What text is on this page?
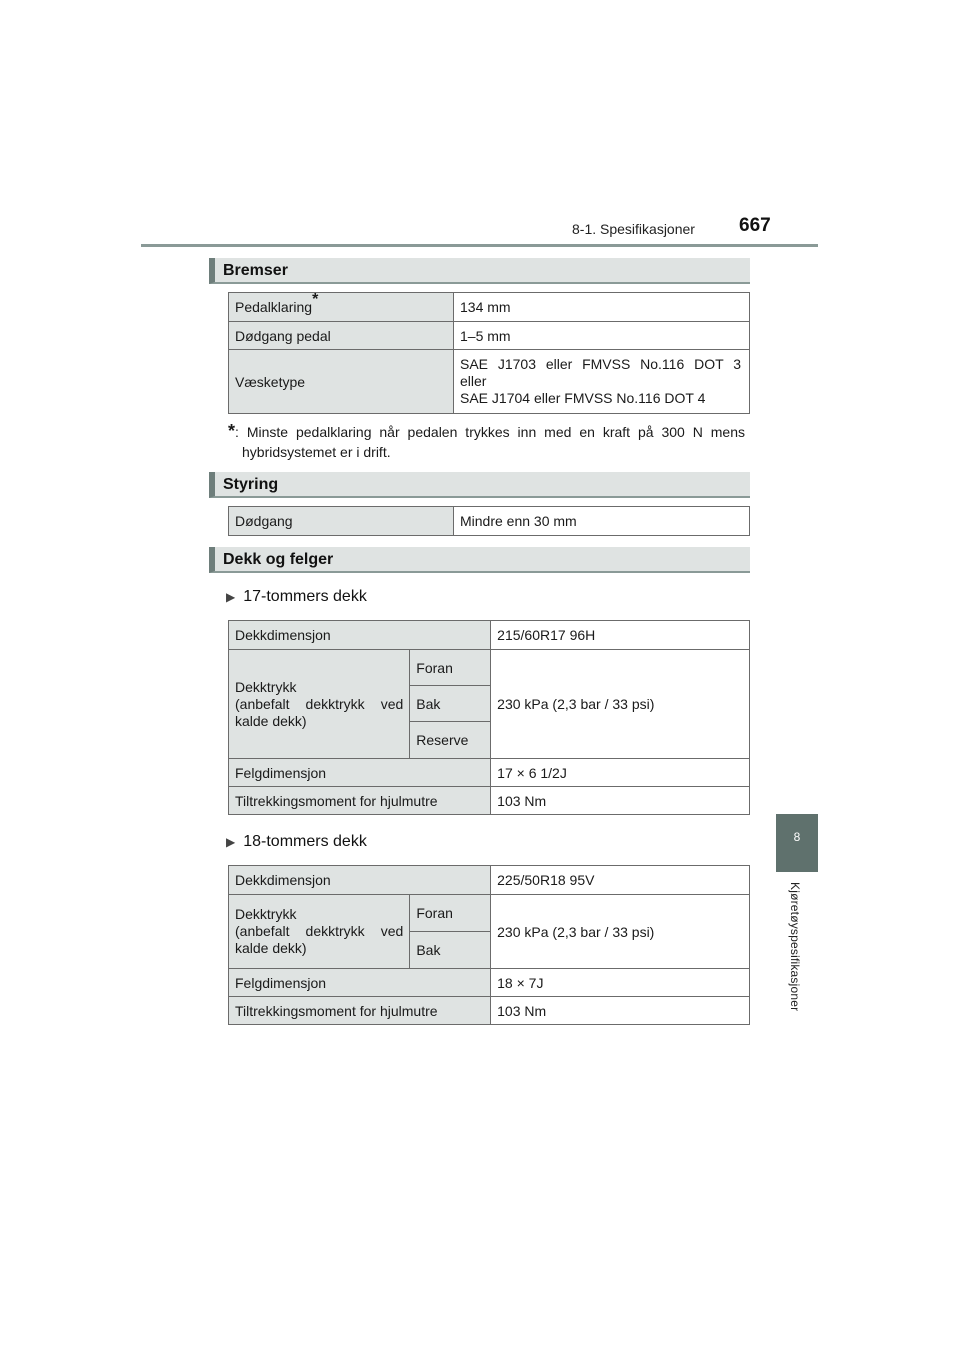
8-1. Spesifikasjoner 667
8
Kjøretøyspesifikasjoner
Bremser
Pedalklaring*	134 mm
Dødgang pedal	1–5 mm
Væsketype	SAE J1703 eller FMVSS No.116 DOT 3
eller
SAE J1704 eller FMVSS No.116 DOT 4
*: Minste pedalklaring når pedalen trykkes inn med en kraft på 300 N mens
hybridsystemet er i drift.
Styring
Dødgang	Mindre enn 30 mm
Dekk og felger
▶ 17-tommers dekk
Dekkdimensjon		215/60R17 96H

Dekktrykk
(anbefalt dekktrykk ved
kalde dekk)	Foran	230 kPa (2,3 bar / 33 psi)
	Bak	
	Reserve	
Felgdimensjon		17 × 6 1/2J
Tiltrekkingsmoment for hjulmutre		103 Nm
▶ 18-tommers dekk
Dekkdimensjon		225/50R18 95V

Dekktrykk
(anbefalt dekktrykk ved
kalde dekk)	Foran	230 kPa (2,3 bar / 33 psi)
	Bak	
Felgdimensjon		18 × 7J
Tiltrekkingsmoment for hjulmutre		103 Nm
